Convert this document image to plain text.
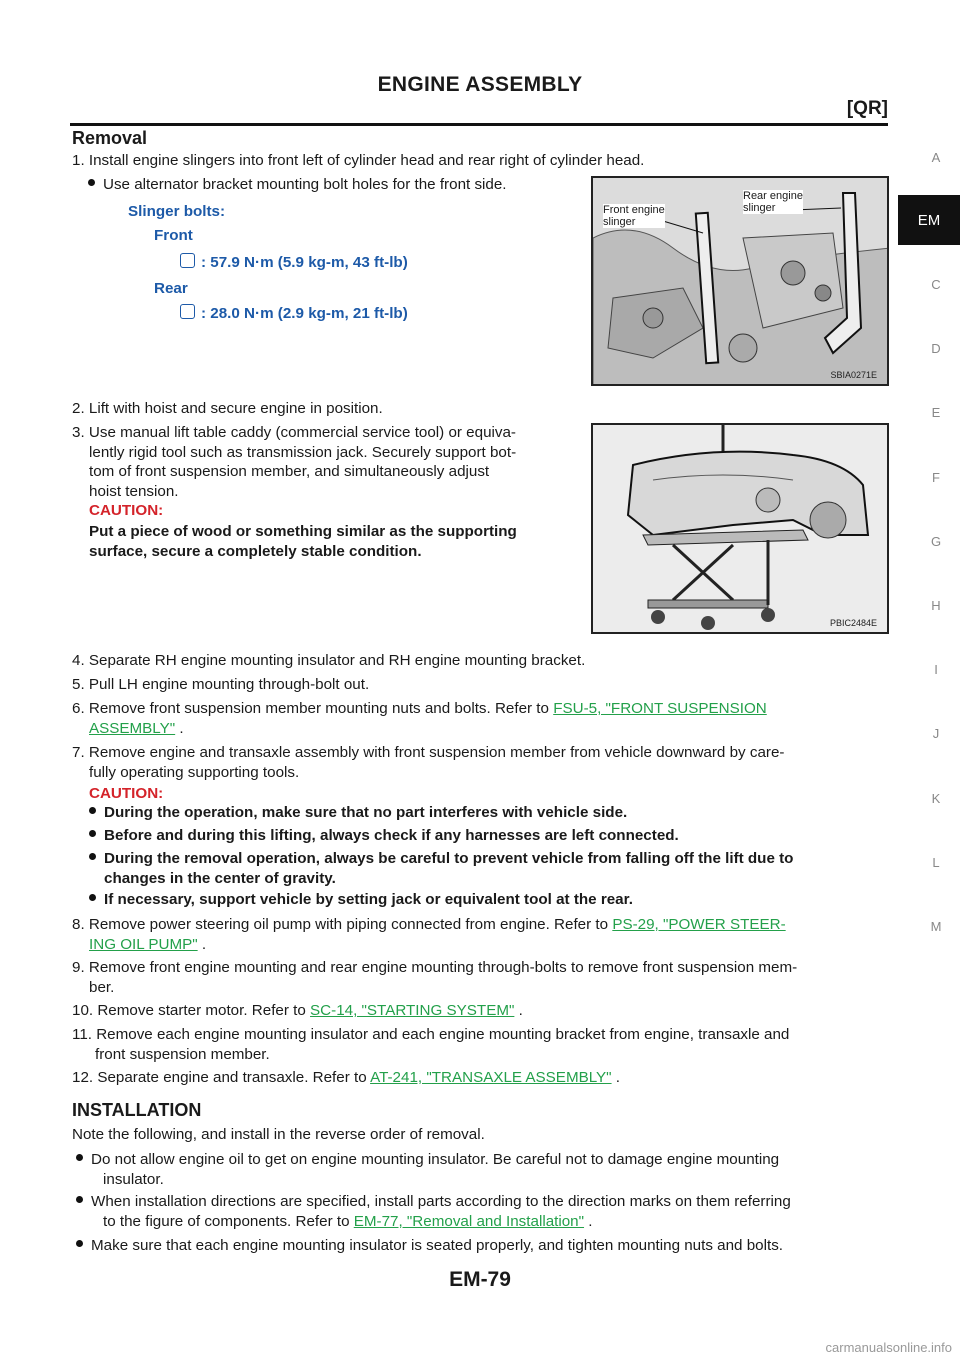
ENGINE ASSEMBLY
[QR]
A
EM
C
D
E
F
G
H
I
J
K
L
M
Removal
1. Install engine slingers into front left of cylinder head and rear right of cylinder head.
Use alternator bracket mounting bolt holes for the front side.
Slinger bolts:
Front
: 57.9 N·m (5.9 kg-m, 43 ft-lb)
Rear
: 28.0 N·m (2.9 kg-m, 21 ft-lb)
Front engine
slinger
Rear engine
slinger
SBIA0271E
2. Lift with hoist and secure engine in position.
3. Use manual lift table caddy (commercial service tool) or equiva-
lently rigid tool such as transmission jack. Securely support bot-
tom of front suspension member, and simultaneously adjust
hoist tension.
CAUTION:
Put a piece of wood or something similar as the supporting
surface, secure a completely stable condition.
PBIC2484E
4. Separate RH engine mounting insulator and RH engine mounting bracket.
5. Pull LH engine mounting through-bolt out.
6. Remove front suspension member mounting nuts and bolts. Refer to FSU-5, "FRONT SUSPENSION
ASSEMBLY" .
7. Remove engine and transaxle assembly with front suspension member from vehicle downward by care-
fully operating supporting tools.
CAUTION:
During the operation, make sure that no part interferes with vehicle side.
Before and during this lifting, always check if any harnesses are left connected.
During the removal operation, always be careful to prevent vehicle from falling off the lift due to
changes in the center of gravity.
If necessary, support vehicle by setting jack or equivalent tool at the rear.
8. Remove power steering oil pump with piping connected from engine. Refer to PS-29, "POWER STEER-
ING OIL PUMP" .
9. Remove front engine mounting and rear engine mounting through-bolts to remove front suspension mem-
ber.
10. Remove starter motor. Refer to SC-14, "STARTING SYSTEM" .
11. Remove each engine mounting insulator and each engine mounting bracket from engine, transaxle and
front suspension member.
12. Separate engine and transaxle. Refer to AT-241, "TRANSAXLE ASSEMBLY" .
INSTALLATION
Note the following, and install in the reverse order of removal.
Do not allow engine oil to get on engine mounting insulator. Be careful not to damage engine mounting
insulator.
When installation directions are specified, install parts according to the direction marks on them referring
to the figure of components. Refer to EM-77, "Removal and Installation" .
Make sure that each engine mounting insulator is seated properly, and tighten mounting nuts and bolts.
EM-79
carmanualsonline.info
